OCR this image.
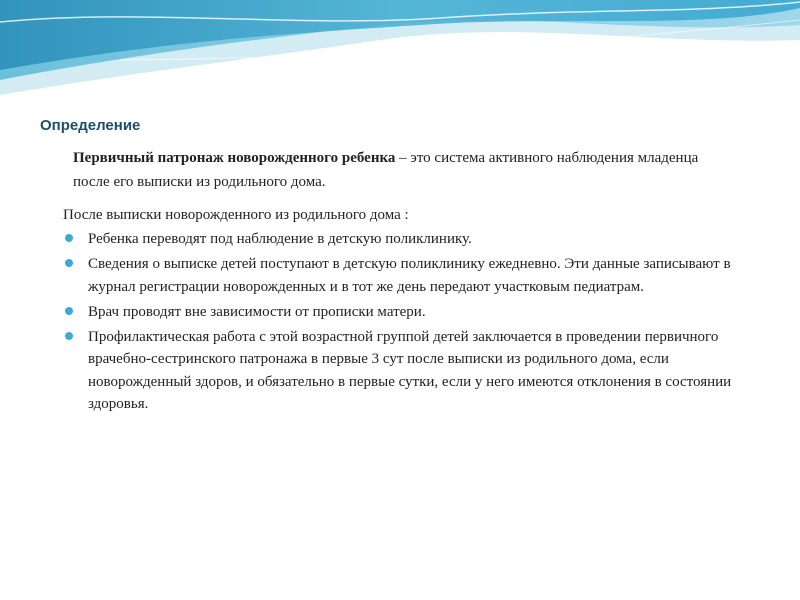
Определение

Первичный патронаж новорожденного ребенка – это система активного наблюдения младенца после его выписки из родильного дома.

После выписки новорожденного из родильного дома :

Ребенка переводят под наблюдение в детскую поликлинику.
Сведения о выписке детей поступают в детскую поликлинику ежедневно. Эти данные записывают в журнал регистрации новорожденных и в тот же день передают участковым педиатрам.
Врач проводят вне зависимости от прописки матери.
Профилактическая работа с этой возрастной группой детей заключается в проведении первичного врачебно-сестринского патронажа в первые 3 сут после выписки из родильного дома, если новорожденный здоров, и обязательно в первые сутки, если у него имеются отклонения в состоянии здоровья.
